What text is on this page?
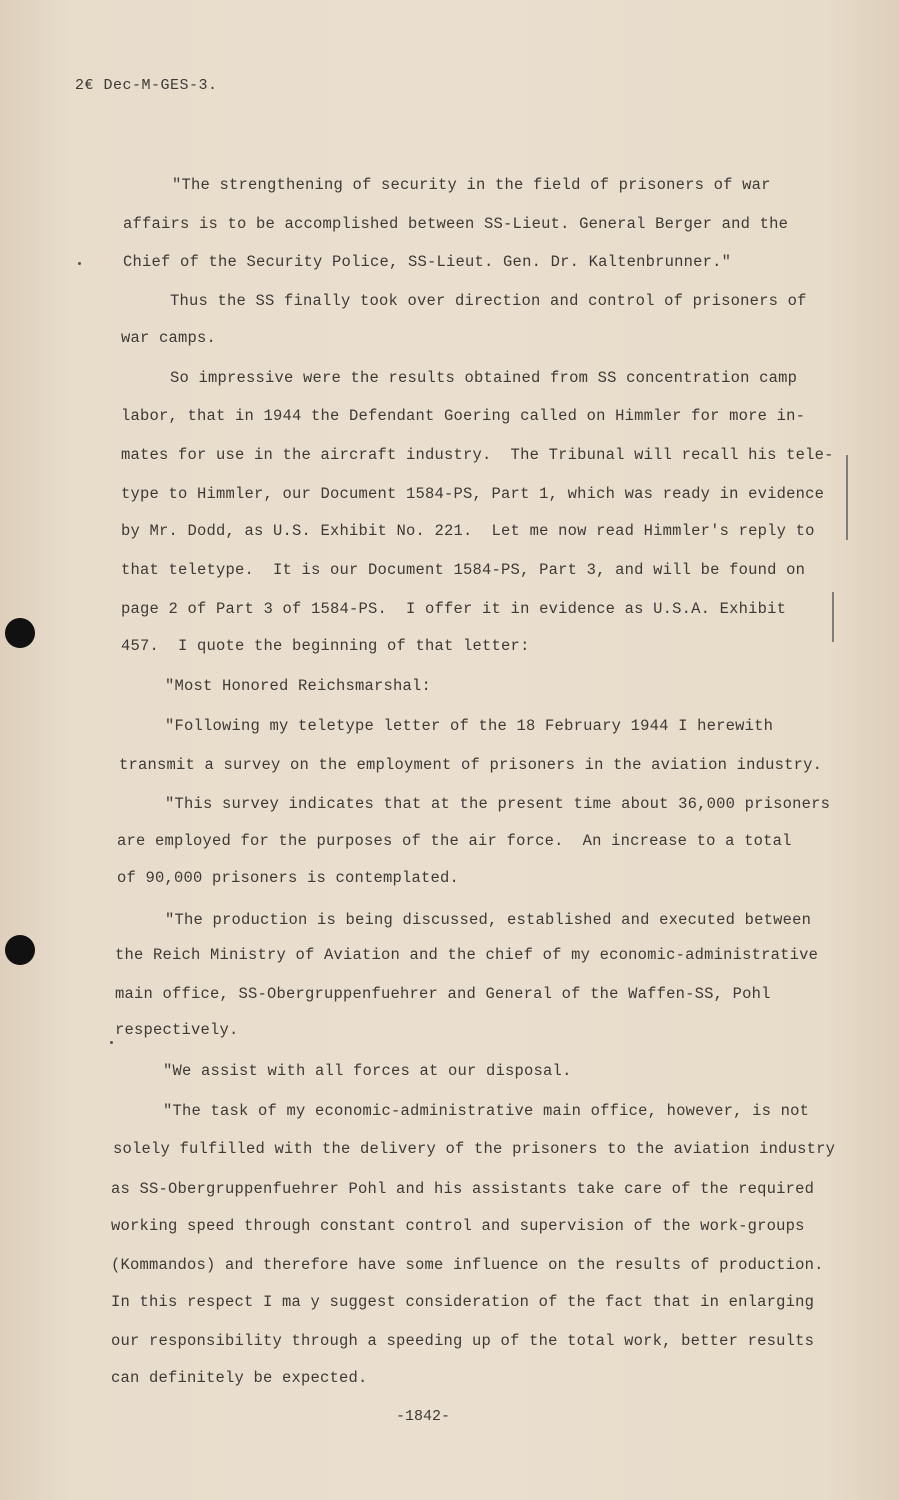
2€ Dec-M-GES-3.
"The strengthening of security in the field of prisoners of war
affairs is to be accomplished between SS-Lieut. General Berger and the
Chief of the Security Police, SS-Lieut. Gen. Dr. Kaltenbrunner."
Thus the SS finally took over direction and control of prisoners of
war camps.
So impressive were the results obtained from SS concentration camp
labor, that in 1944 the Defendant Goering called on Himmler for more in-
mates for use in the aircraft industry.  The Tribunal will recall his tele-
type to Himmler, our Document 1584-PS, Part 1, which was ready in evidence
by Mr. Dodd, as U.S. Exhibit No. 221.  Let me now read Himmler's reply to
that teletype.  It is our Document 1584-PS, Part 3, and will be found on
page 2 of Part 3 of 1584-PS.  I offer it in evidence as U.S.A. Exhibit
457.  I quote the beginning of that letter:
"Most Honored Reichsmarshal:
"Following my teletype letter of the 18 February 1944 I herewith
transmit a survey on the employment of prisoners in the aviation industry.
"This survey indicates that at the present time about 36,000 prisoners
are employed for the purposes of the air force.  An increase to a total
of 90,000 prisoners is contemplated.
"The production is being discussed, established and executed between
the Reich Ministry of Aviation and the chief of my economic-administrative
main office, SS-Obergruppenfuehrer and General of the Waffen-SS, Pohl
respectively.
"We assist with all forces at our disposal.
"The task of my economic-administrative main office, however, is not
solely fulfilled with the delivery of the prisoners to the aviation industry
as SS-Obergruppenfuehrer Pohl and his assistants take care of the required
working speed through constant control and supervision of the work-groups
(Kommandos) and therefore have some influence on the results of production.
In this respect I ma y suggest consideration of the fact that in enlarging
our responsibility through a speeding up of the total work, better results
can definitely be expected.
-1842-
